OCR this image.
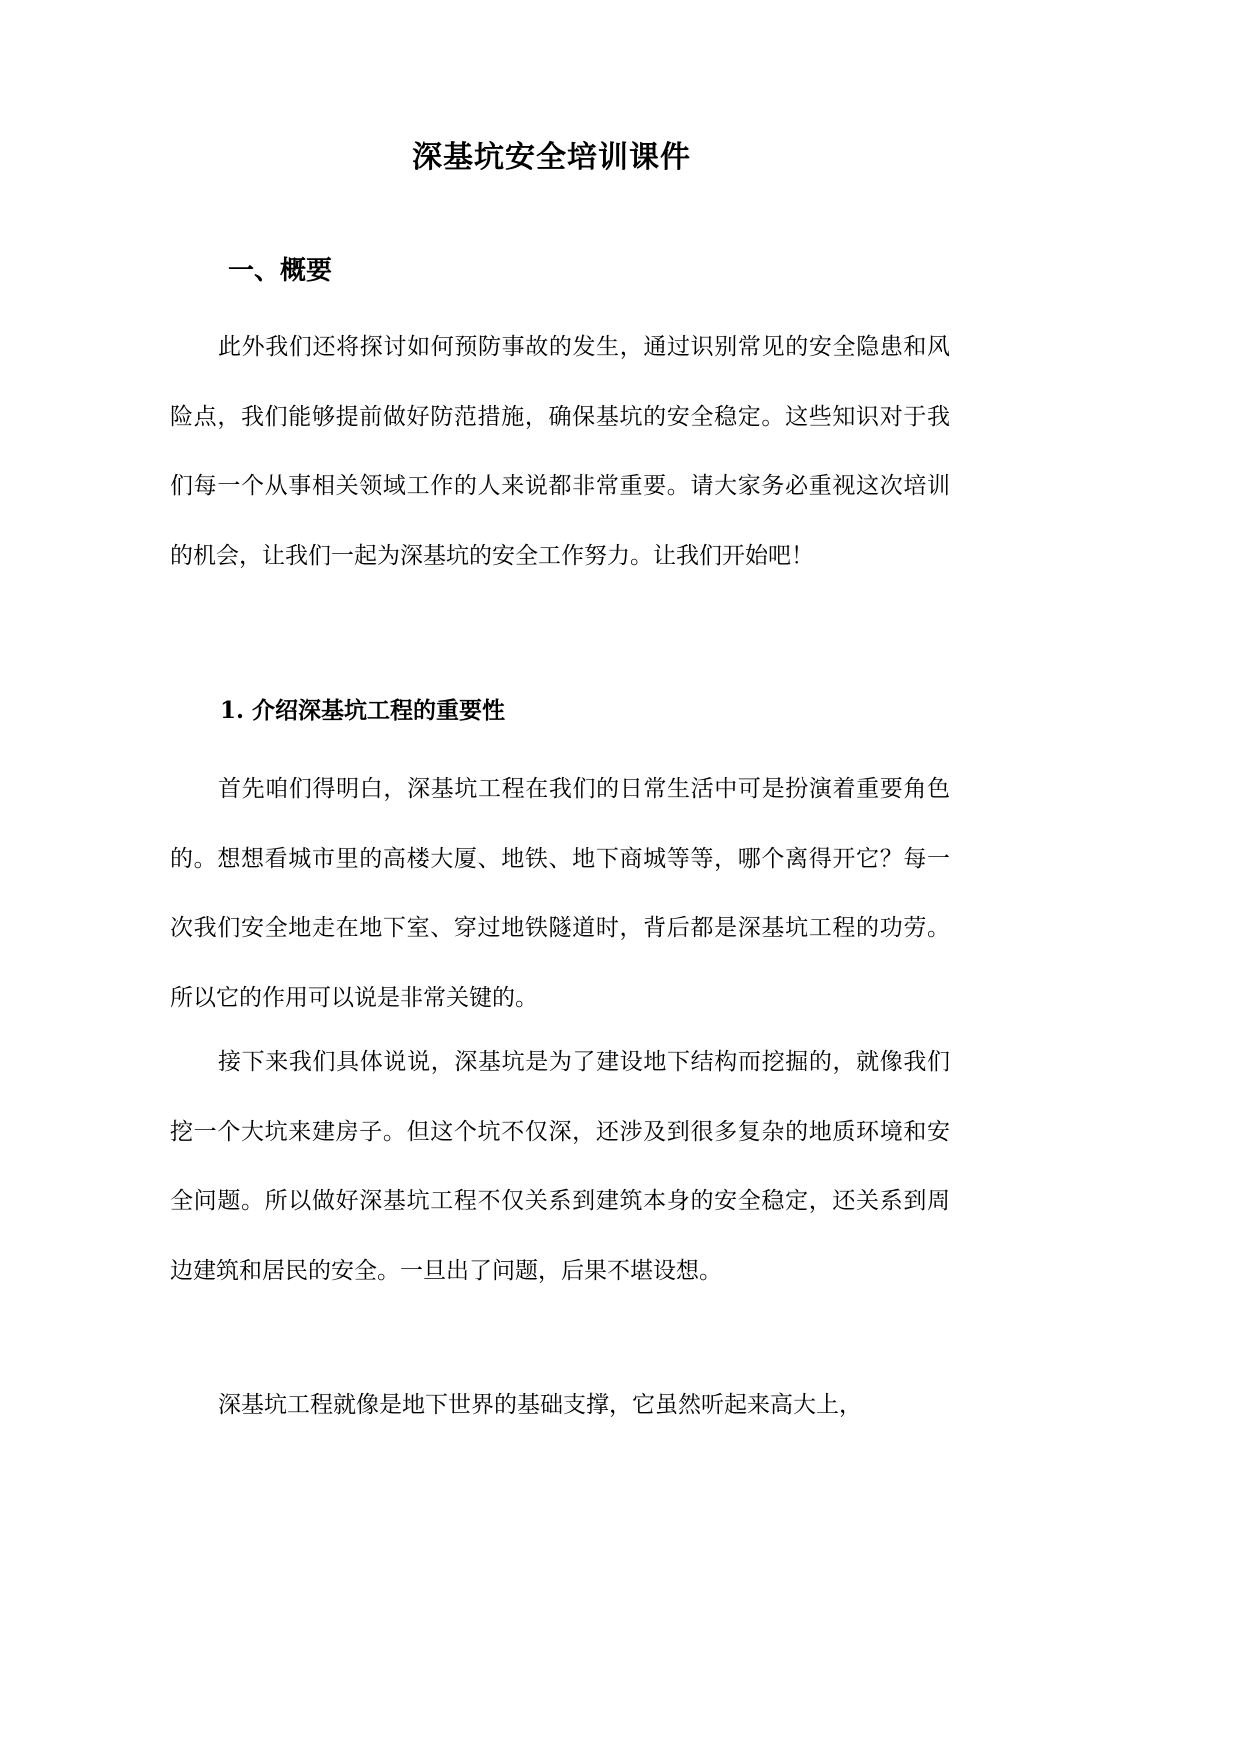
深基坑安全培训课件
一、概要

此外我们还将探讨如何预防事故的发生，通过识别常见的安全隐患和风险点，我们能够提前做好防范措施，确保基坑的安全稳定。这些知识对于我们每一个从事相关领域工作的人来说都非常重要。请大家务必重视这次培训的机会，让我们一起为深基坑的安全工作努力。让我们开始吧！

1. 介绍深基坑工程的重要性

首先咱们得明白，深基坑工程在我们的日常生活中可是扮演着重要角色的。想想看城市里的高楼大厦、地铁、地下商城等等，哪个离得开它？每一次我们安全地走在地下室、穿过地铁隧道时，背后都是深基坑工程的功劳。所以它的作用可以说是非常关键的。

接下来我们具体说说，深基坑是为了建设地下结构而挖掘的，就像我们挖一个大坑来建房子。但这个坑不仅深，还涉及到很多复杂的地质环境和安全问题。所以做好深基坑工程不仅关系到建筑本身的安全稳定，还关系到周边建筑和居民的安全。一旦出了问题，后果不堪设想。

深基坑工程就像是地下世界的基础支撑，它虽然听起来高大上，
